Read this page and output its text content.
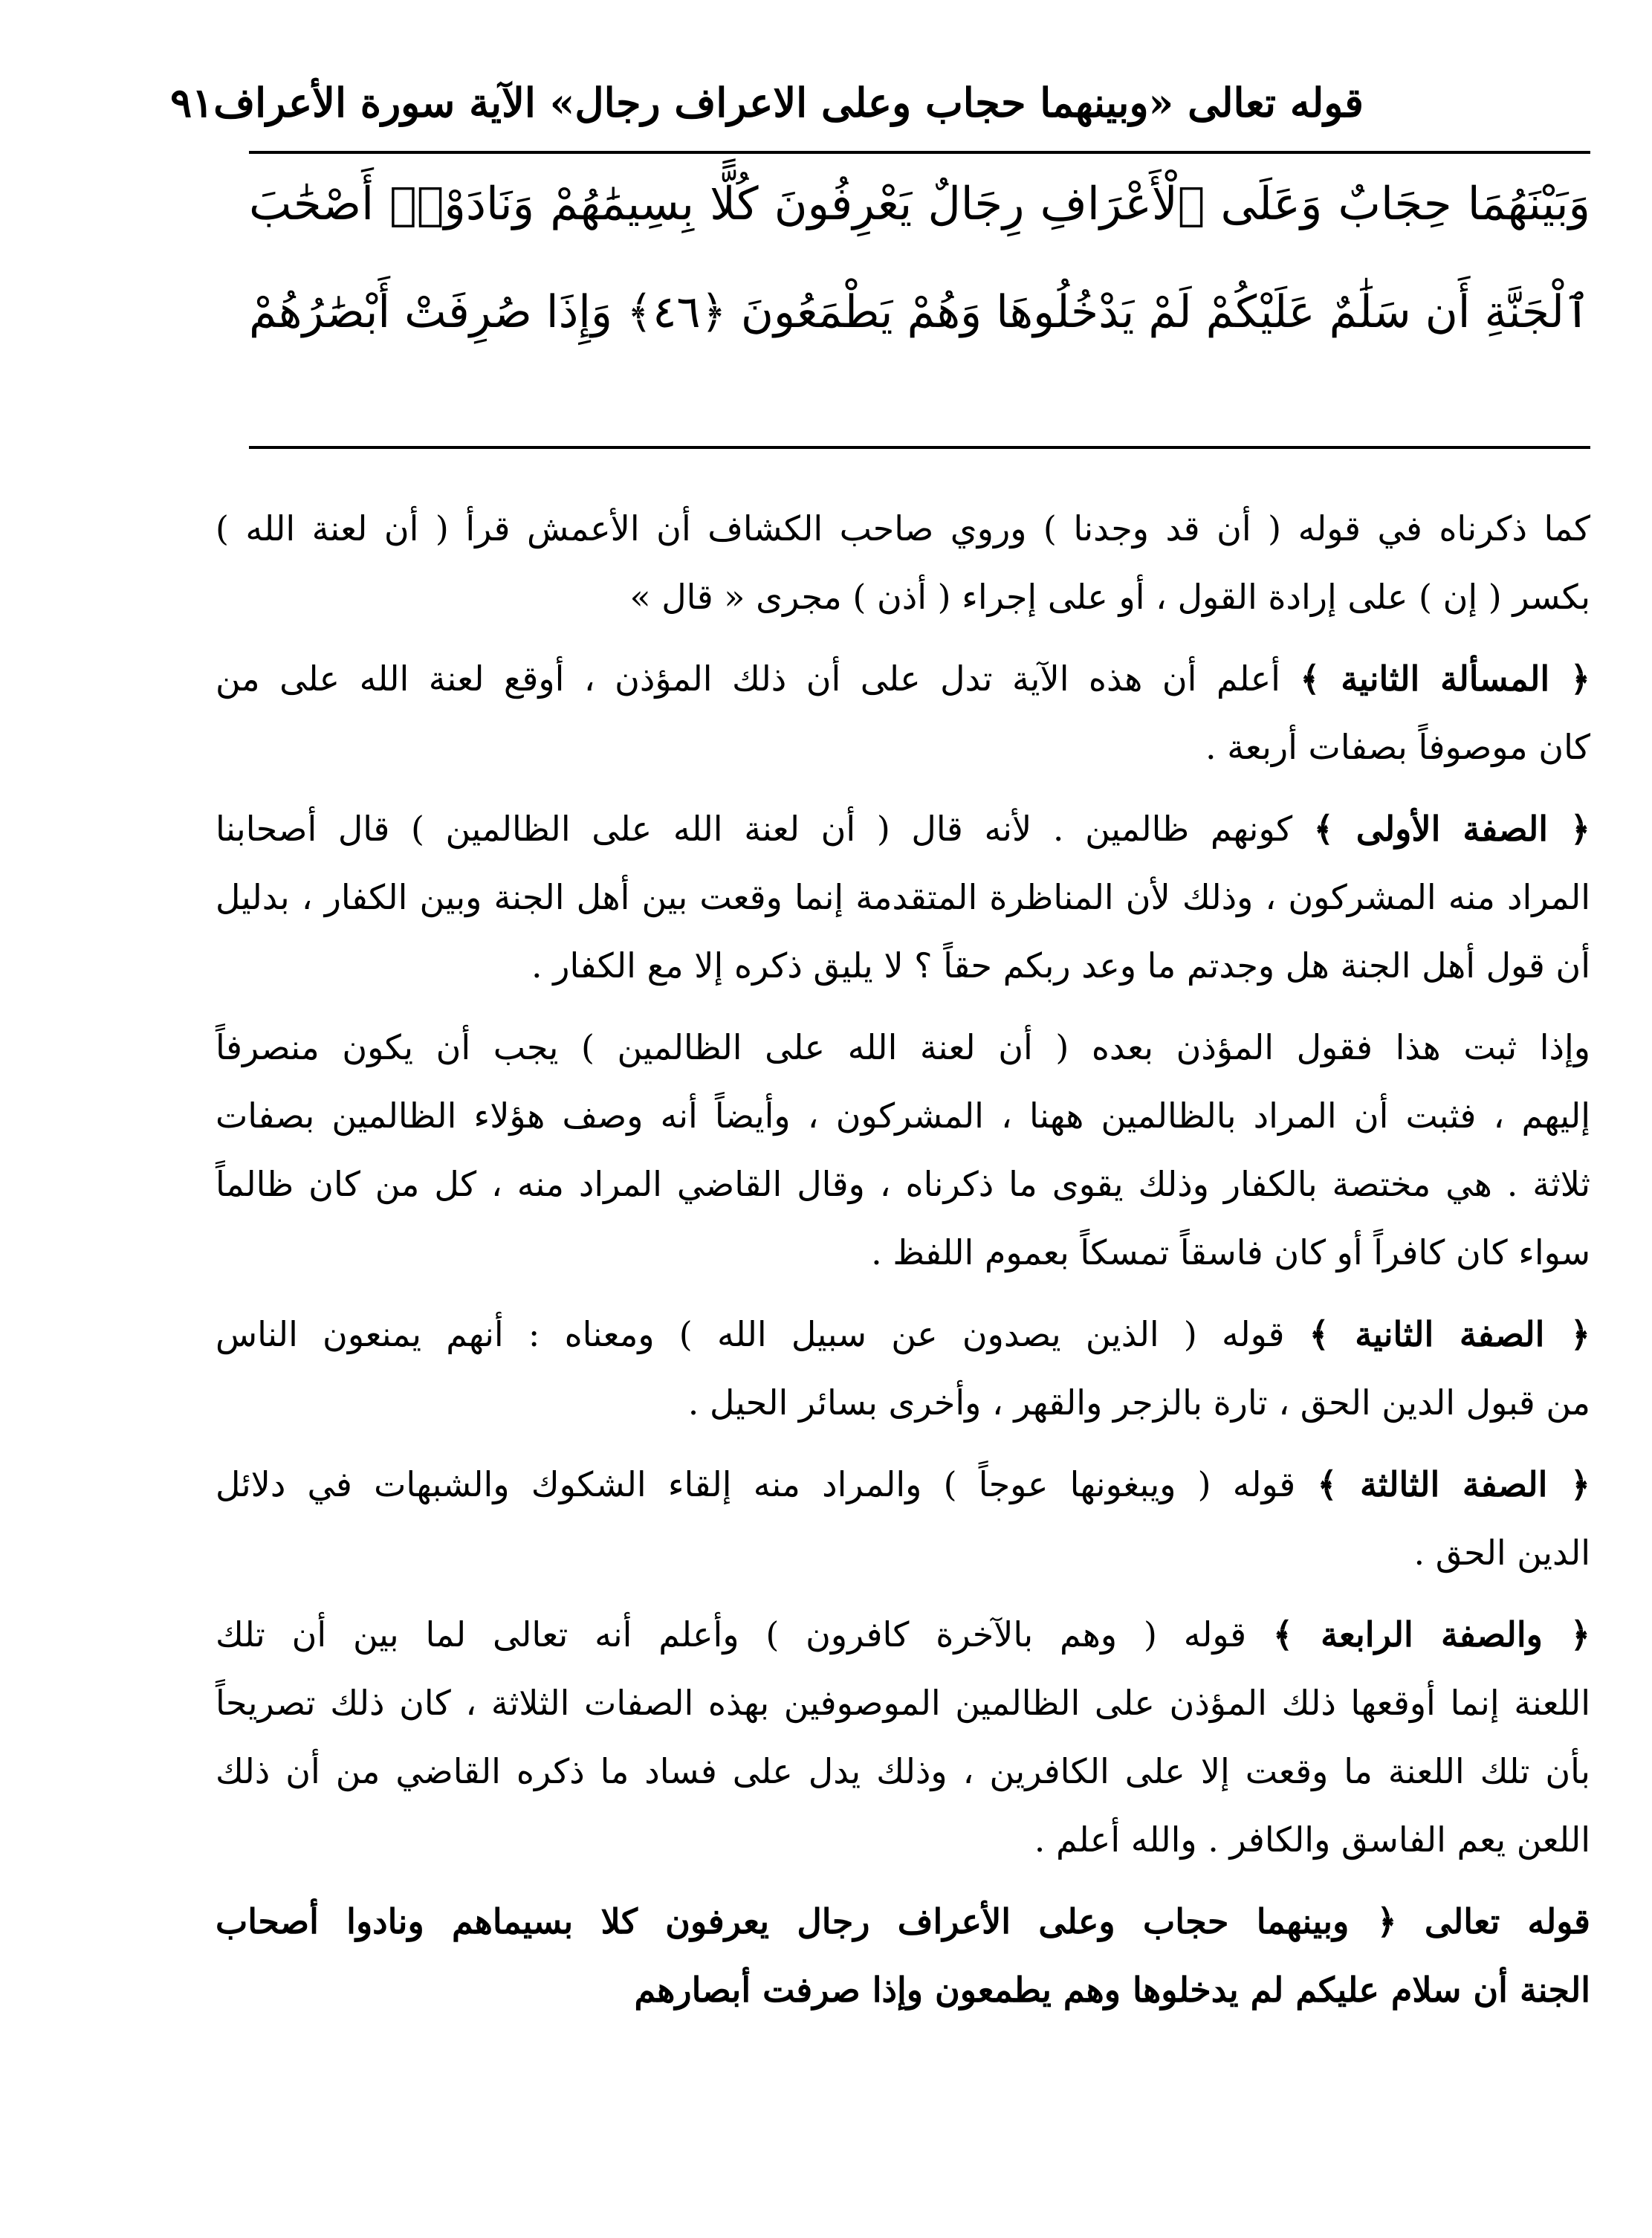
قوله تعالى «وبينهما حجاب وعلى الاعراف رجال» الآية سورة الأعراف
٩١
وَبَيْنَهُمَا حِجَابٌ وَعَلَى ٱلْأَعْرَافِ رِجَالٌ يَعْرِفُونَ كُلًّا بِسِيمَٰهُمْ وَنَادَوْا۟ أَصْحَٰبَ
ٱلْجَنَّةِ أَن سَلَٰمٌ عَلَيْكُمْ لَمْ يَدْخُلُوهَا وَهُمْ يَطْمَعُونَ ﴿٤٦﴾ وَإِذَا صُرِفَتْ أَبْصَٰرُهُمْ
كما ذكرناه في قوله ( أن قد وجدنا ) وروي صاحب الكشاف أن الأعمش قرأ ( أن لعنة الله )
بكسر ( إن ) على إرادة القول ، أو على إجراء ( أذن ) مجرى « قال »
﴿ المسألة الثانية ﴾ أعلم أن هذه الآية تدل على أن ذلك المؤذن ، أوقع لعنة الله على من
كان موصوفاً بصفات أربعة .
﴿ الصفة الأولى ﴾ كونهم ظالمين . لأنه قال ( أن لعنة الله على الظالمين ) قال أصحابنا
المراد منه المشركون ، وذلك لأن المناظرة المتقدمة إنما وقعت بين أهل الجنة وبين الكفار ، بدليل
أن قول أهل الجنة هل وجدتم ما وعد ربكم حقاً ؟ لا يليق ذكره إلا مع الكفار .
وإذا ثبت هذا فقول المؤذن بعده ( أن لعنة الله على الظالمين ) يجب أن يكون منصرفاً
إليهم ، فثبت أن المراد بالظالمين ههنا ، المشركون ، وأيضاً أنه وصف هؤلاء الظالمين بصفات
ثلاثة . هي مختصة بالكفار وذلك يقوى ما ذكرناه ، وقال القاضي المراد منه ، كل من كان ظالماً
سواء كان كافراً أو كان فاسقاً تمسكاً بعموم اللفظ .
﴿ الصفة الثانية ﴾ قوله ( الذين يصدون عن سبيل الله ) ومعناه : أنهم يمنعون الناس
من قبول الدين الحق ، تارة بالزجر والقهر ، وأخرى بسائر الحيل .
﴿ الصفة الثالثة ﴾ قوله ( ويبغونها عوجاً ) والمراد منه إلقاء الشكوك والشبهات في دلائل
الدين الحق .
﴿ والصفة الرابعة ﴾ قوله ( وهم بالآخرة كافرون ) وأعلم أنه تعالى لما بين أن تلك
اللعنة إنما أوقعها ذلك المؤذن على الظالمين الموصوفين بهذه الصفات الثلاثة ، كان ذلك تصريحاً
بأن تلك اللعنة ما وقعت إلا على الكافرين ، وذلك يدل على فساد ما ذكره القاضي من أن ذلك
اللعن يعم الفاسق والكافر . والله أعلم .
قوله تعالى ﴿ وبينهما حجاب وعلى الأعراف رجال يعرفون كلا بسيماهم ونادوا أصحاب
الجنة أن سلام عليكم لم يدخلوها وهم يطمعون وإذا صرفت أبصارهم
